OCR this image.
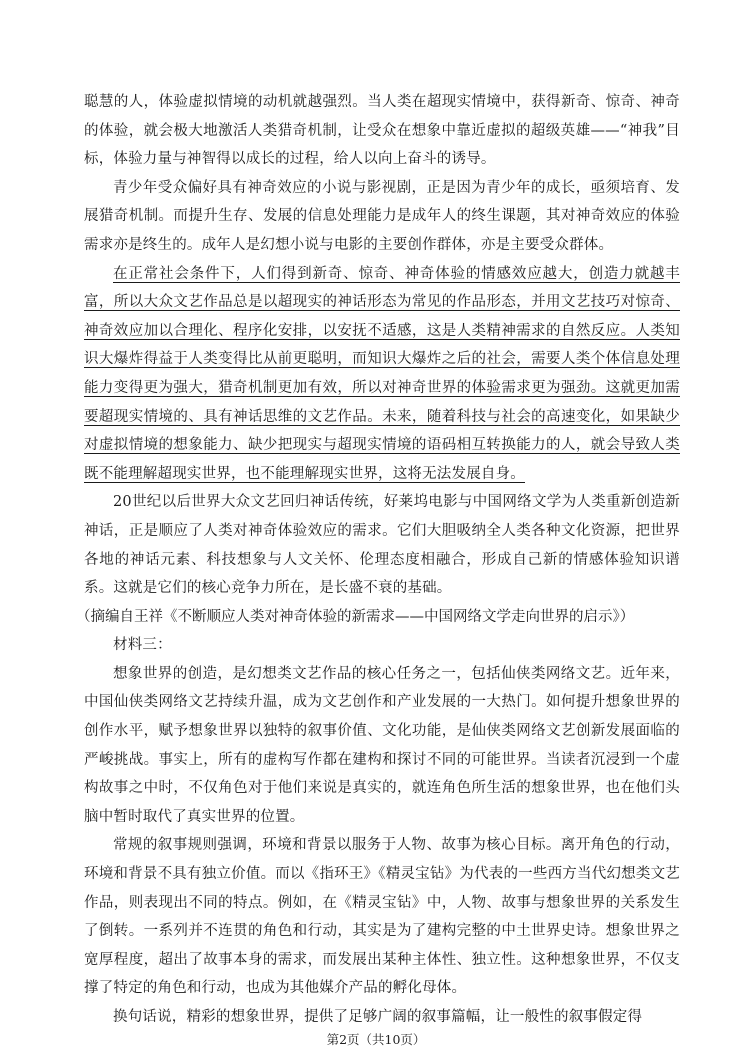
聪慧的人，体验虚拟情境的动机就越强烈。当人类在超现实情境中，获得新奇、惊奇、神奇的体验，就会极大地激活人类猎奇机制，让受众在想象中靠近虚拟的超级英雄——“神我”目标，体验力量与神智得以成长的过程，给人以向上奋斗的诱导。

青少年受众偏好具有神奇效应的小说与影视剧，正是因为青少年的成长，亟须培育、发展猎奇机制。而提升生存、发展的信息处理能力是成年人的终生课题，其对神奇效应的体验需求亦是终生的。成年人是幻想小说与电影的主要创作群体，亦是主要受众群体。

在正常社会条件下，人们得到新奇、惊奇、神奇体验的情感效应越大，创造力就越丰富，所以大众文艺作品总是以超现实的神话形态为常见的作品形态，并用文艺技巧对惊奇、神奇效应加以合理化、程序化安排，以安抚不适感，这是人类精神需求的自然反应。人类知识大爆炸得益于人类变得比从前更聪明，而知识大爆炸之后的社会，需要人类个体信息处理能力变得更为强大，猎奇机制更加有效，所以对神奇世界的体验需求更为强劲。这就更加需要超现实情境的、具有神话思维的文艺作品。未来，随着科技与社会的高速变化，如果缺少对虚拟情境的想象能力、缺少把现实与超现实情境的语码相互转换能力的人，就会导致人类既不能理解超现实世界，也不能理解现实世界，这将无法发展自身。

20世纪以后世界大众文艺回归神话传统，好莱坞电影与中国网络文学为人类重新创造新神话，正是顺应了人类对神奇体验效应的需求。它们大胆吸纳全人类各种文化资源，把世界各地的神话元素、科技想象与人文关怀、伦理态度相融合，形成自己新的情感体验知识谱系。这就是它们的核心竞争力所在，是长盛不衰的基础。

（摘编自王祥《不断顺应人类对神奇体验的新需求——中国网络文学走向世界的启示》）

材料三：

想象世界的创造，是幻想类文艺作品的核心任务之一，包括仙侠类网络文艺。近年来，中国仙侠类网络文艺持续升温，成为文艺创作和产业发展的一大热门。如何提升想象世界的创作水平，赋予想象世界以独特的叙事价值、文化功能，是仙侠类网络文艺创新发展面临的严峻挑战。事实上，所有的虚构写作都在建构和探讨不同的可能世界。当读者沉浸到一个虚构故事之中时，不仅角色对于他们来说是真实的，就连角色所生活的想象世界，也在他们头脑中暂时取代了真实世界的位置。

常规的叙事规则强调，环境和背景以服务于人物、故事为核心目标。离开角色的行动，环境和背景不具有独立价值。而以《指环王》《精灵宝钻》为代表的一些西方当代幻想类文艺作品，则表现出不同的特点。例如，在《精灵宝钻》中，人物、故事与想象世界的关系发生了倒转。一系列并不连贯的角色和行动，其实是为了建构完整的中土世界史诗。想象世界之宽厚程度，超出了故事本身的需求，而发展出某种主体性、独立性。这种想象世界，不仅支撑了特定的角色和行动，也成为其他媒介产品的孵化母体。

换句话说，精彩的想象世界，提供了足够广阔的叙事篇幅，让一般性的叙事假定得

第2页（共10页）
